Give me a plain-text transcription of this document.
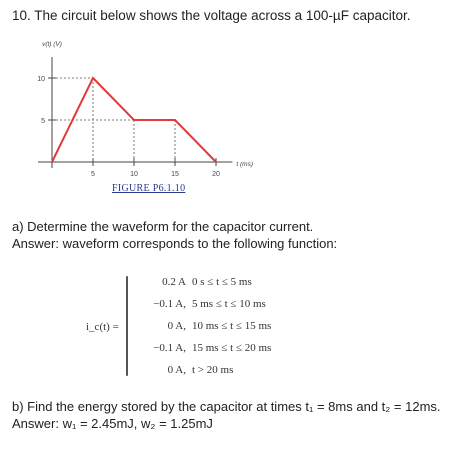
10. The circuit below shows the voltage across a 100-µF capacitor.
10
5
5	10	15	20
v(t) (V)
t (ms)
FIGURE P6.1.10
a) Determine the waveform for the capacitor current.
Answer: waveform corresponds to the following function:
i_c(t) =
0.2 A 0 s ≤ t ≤ 5 ms
−0.1 A, 5 ms ≤ t ≤ 10 ms
0 A, 10 ms ≤ t ≤ 15 ms
−0.1 A, 15 ms ≤ t ≤ 20 ms
0 A, t > 20 ms
b) Find the energy stored by the capacitor at times t₁ = 8ms and t₂ = 12ms.
Answer: w₁ = 2.45mJ, w₂ = 1.25mJ
